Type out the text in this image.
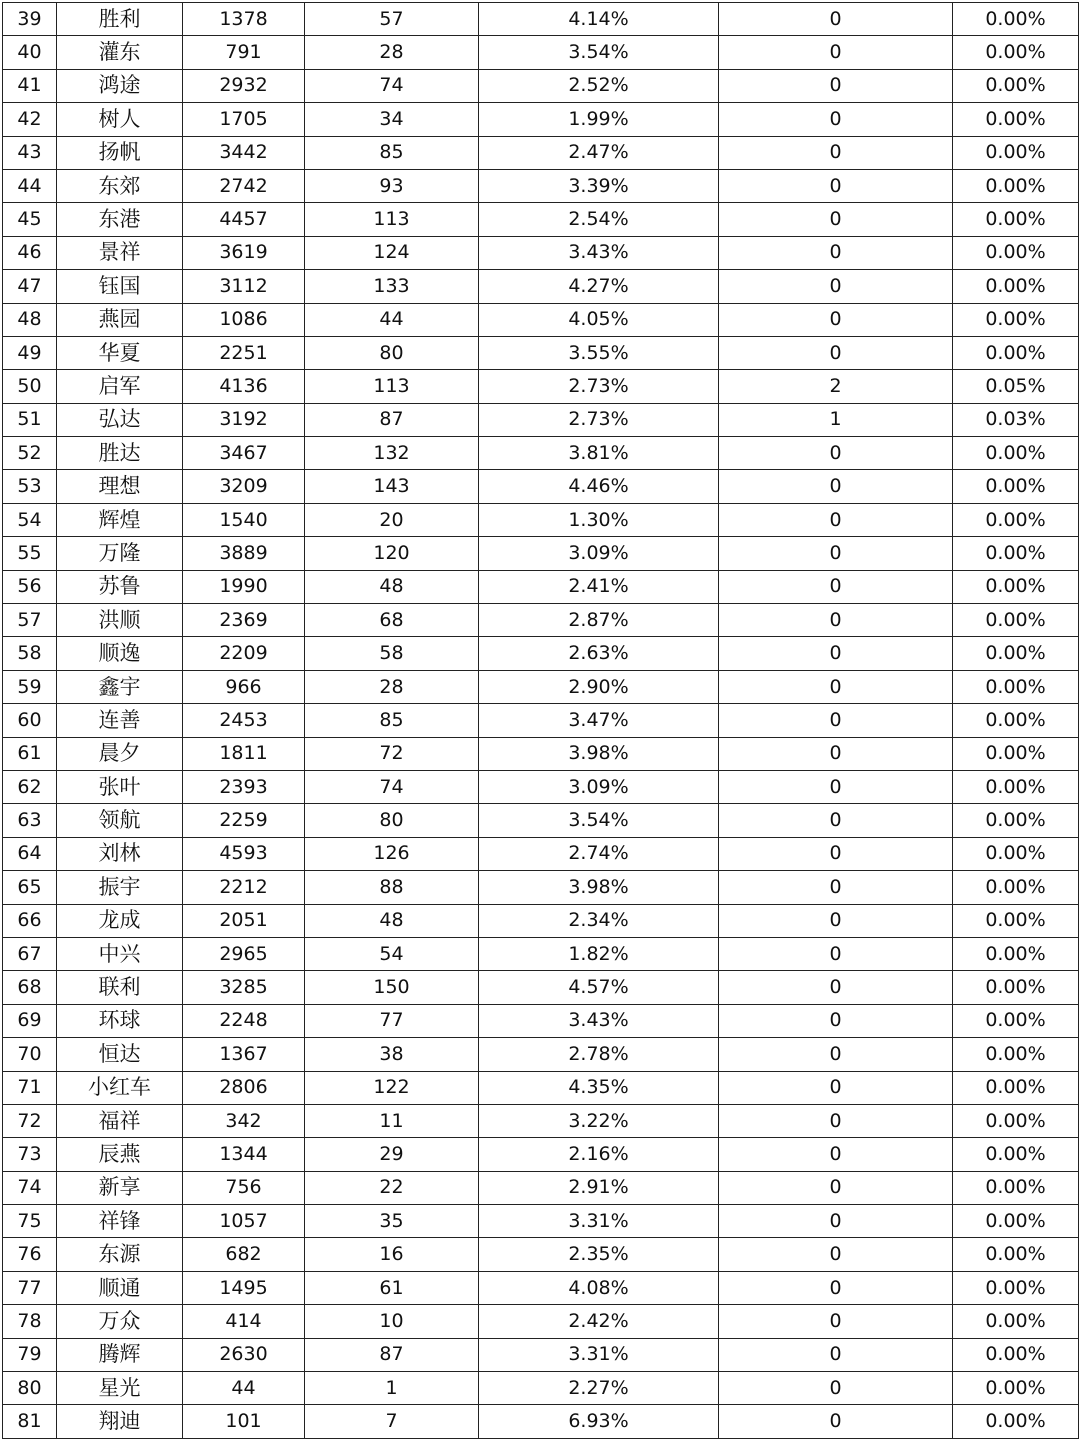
39	胜利	1378	57	4.14%	0	0.00%
40	灌东	791	28	3.54%	0	0.00%
41	鸿途	2932	74	2.52%	0	0.00%
42	树人	1705	34	1.99%	0	0.00%
43	扬帆	3442	85	2.47%	0	0.00%
44	东郊	2742	93	3.39%	0	0.00%
45	东港	4457	113	2.54%	0	0.00%
46	景祥	3619	124	3.43%	0	0.00%
47	钰国	3112	133	4.27%	0	0.00%
48	燕园	1086	44	4.05%	0	0.00%
49	华夏	2251	80	3.55%	0	0.00%
50	启军	4136	113	2.73%	2	0.05%
51	弘达	3192	87	2.73%	1	0.03%
52	胜达	3467	132	3.81%	0	0.00%
53	理想	3209	143	4.46%	0	0.00%
54	辉煌	1540	20	1.30%	0	0.00%
55	万隆	3889	120	3.09%	0	0.00%
56	苏鲁	1990	48	2.41%	0	0.00%
57	洪顺	2369	68	2.87%	0	0.00%
58	顺逸	2209	58	2.63%	0	0.00%
59	鑫宇	966	28	2.90%	0	0.00%
60	连善	2453	85	3.47%	0	0.00%
61	晨夕	1811	72	3.98%	0	0.00%
62	张叶	2393	74	3.09%	0	0.00%
63	领航	2259	80	3.54%	0	0.00%
64	刘林	4593	126	2.74%	0	0.00%
65	振宇	2212	88	3.98%	0	0.00%
66	龙成	2051	48	2.34%	0	0.00%
67	中兴	2965	54	1.82%	0	0.00%
68	联利	3285	150	4.57%	0	0.00%
69	环球	2248	77	3.43%	0	0.00%
70	恒达	1367	38	2.78%	0	0.00%
71	小红车	2806	122	4.35%	0	0.00%
72	福祥	342	11	3.22%	0	0.00%
73	辰燕	1344	29	2.16%	0	0.00%
74	新享	756	22	2.91%	0	0.00%
75	祥锋	1057	35	3.31%	0	0.00%
76	东源	682	16	2.35%	0	0.00%
77	顺通	1495	61	4.08%	0	0.00%
78	万众	414	10	2.42%	0	0.00%
79	腾辉	2630	87	3.31%	0	0.00%
80	星光	44	1	2.27%	0	0.00%
81	翔迪	101	7	6.93%	0	0.00%
